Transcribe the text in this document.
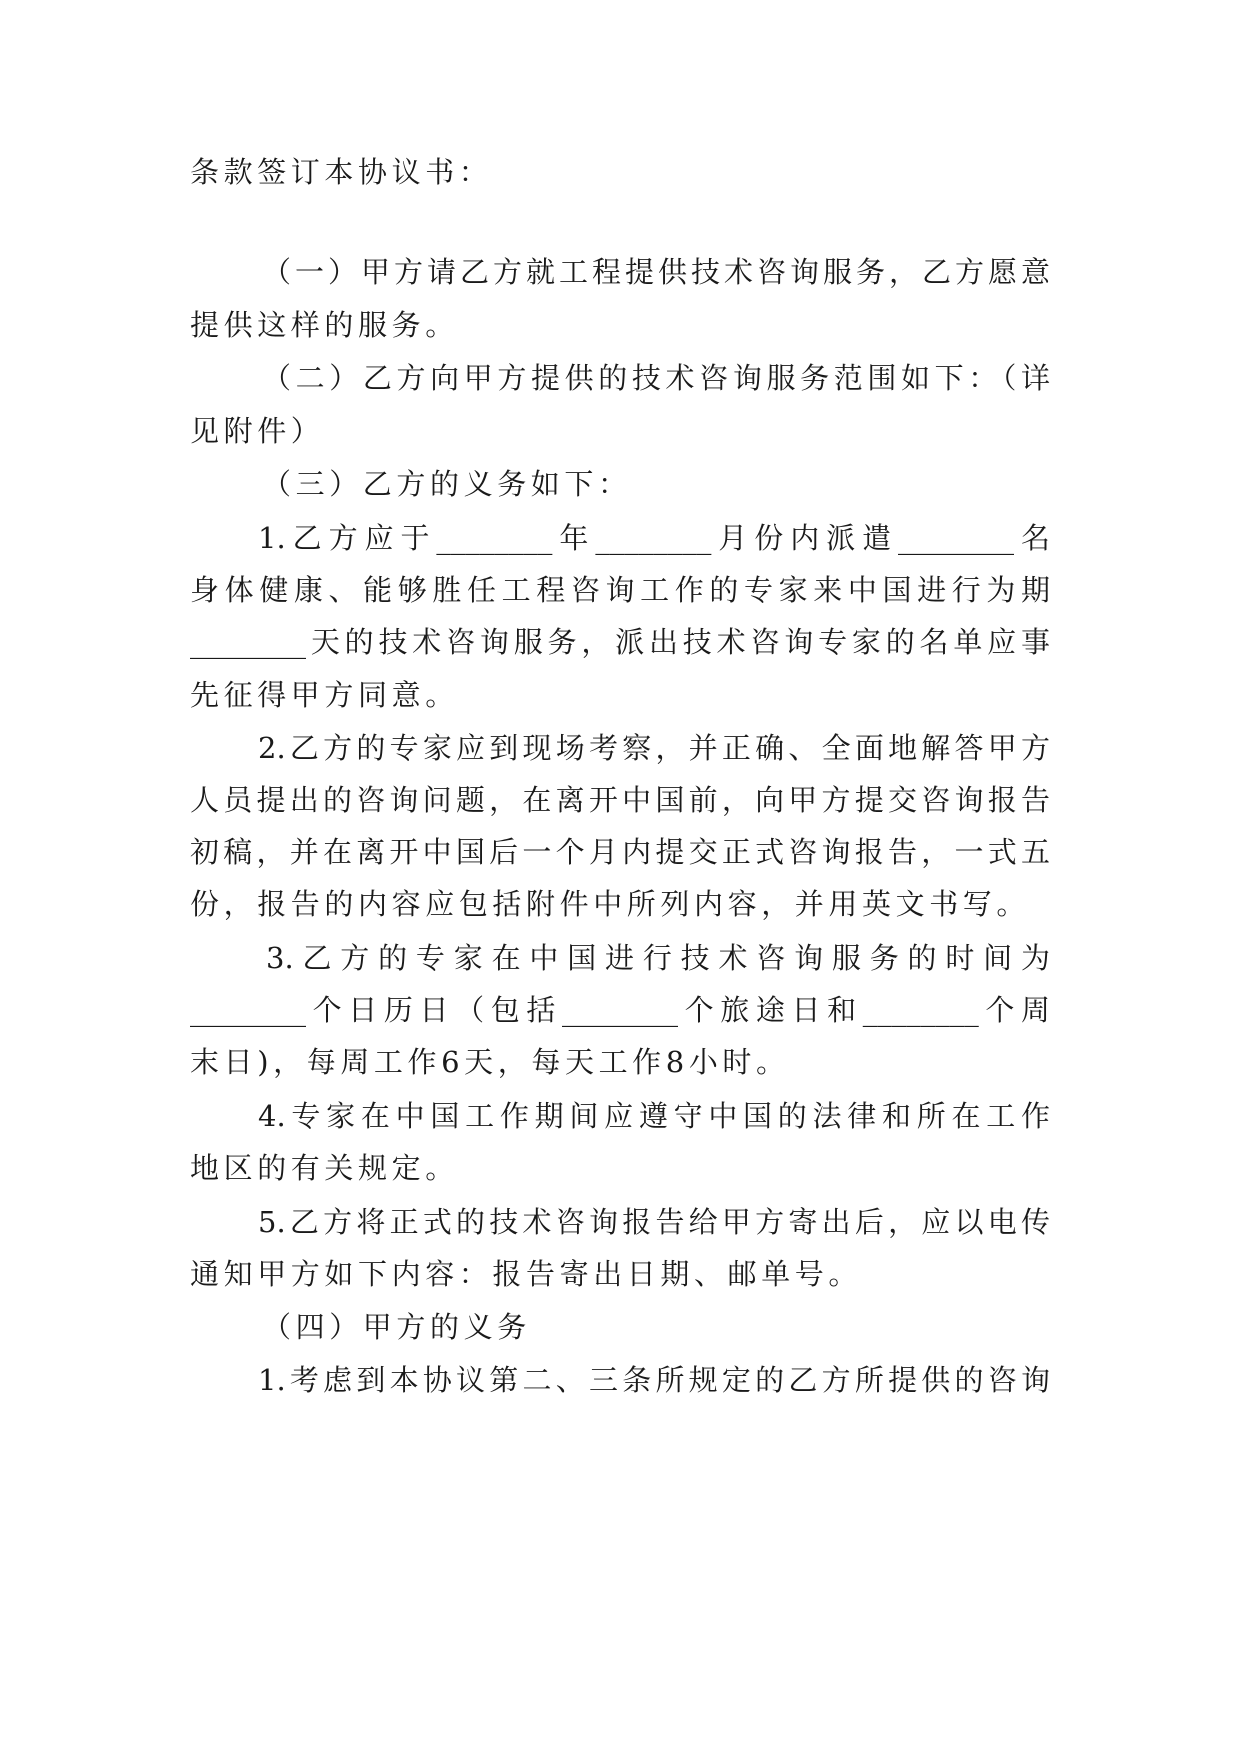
条款签订本协议书：
（一）甲方请乙方就工程提供技术咨询服务，乙方愿意
提供这样的服务。
（二）乙方向甲方提供的技术咨询服务范围如下：（详
见附件）
（三）乙方的义务如下：
1.乙方应于________年________月份内派遣________名
身体健康、能够胜任工程咨询工作的专家来中国进行为期
________天的技术咨询服务，派出技术咨询专家的名单应事
先征得甲方同意。
2.乙方的专家应到现场考察，并正确、全面地解答甲方
人员提出的咨询问题，在离开中国前，向甲方提交咨询报告
初稿，并在离开中国后一个月内提交正式咨询报告，一式五
份，报告的内容应包括附件中所列内容，并用英文书写。
3.乙方的专家在中国进行技术咨询服务的时间为
________个日历日（包括________个旅途日和________个周
末日)，每周工作6天，每天工作8小时。
4.专家在中国工作期间应遵守中国的法律和所在工作
地区的有关规定。
5.乙方将正式的技术咨询报告给甲方寄出后，应以电传
通知甲方如下内容：报告寄出日期、邮单号。
（四）甲方的义务
1.考虑到本协议第二、三条所规定的乙方所提供的咨询
